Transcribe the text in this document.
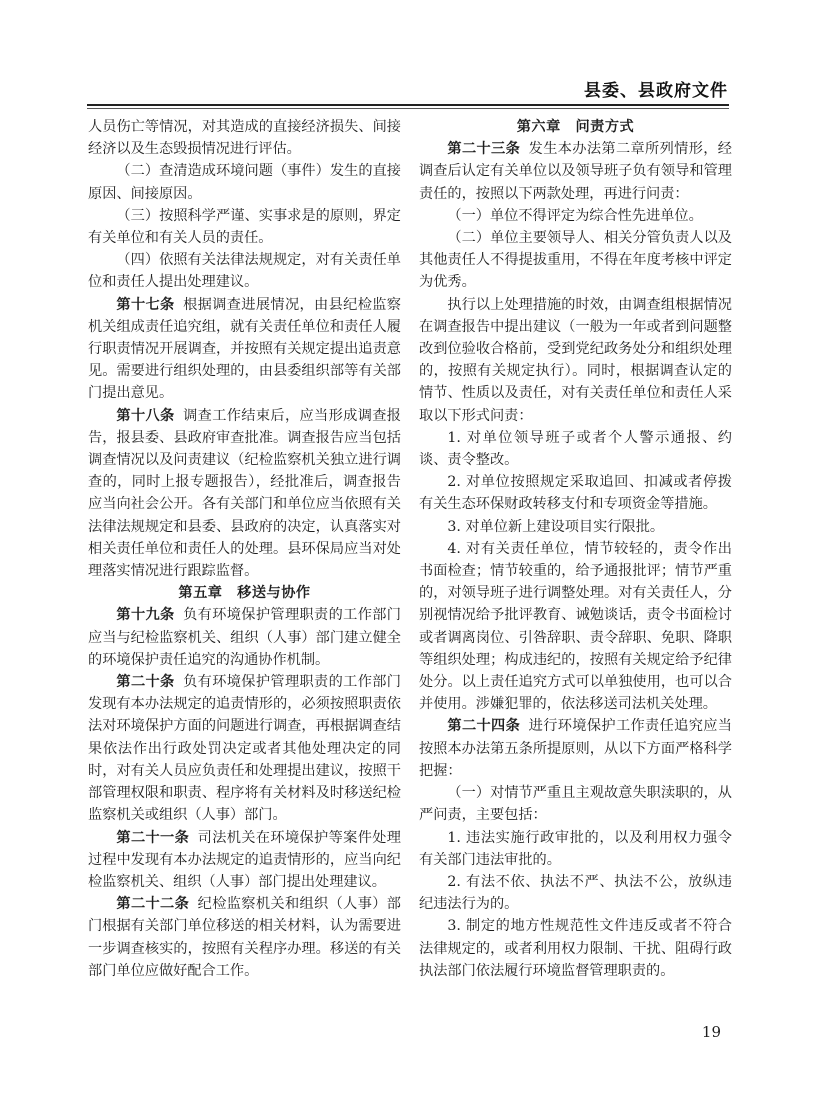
县委、县政府文件

人员伤亡等情况，对其造成的直接经济损失、间接经济以及生态毁损情况进行评估。

（二）查清造成环境问题（事件）发生的直接原因、间接原因。

（三）按照科学严谨、实事求是的原则，界定有关单位和有关人员的责任。

（四）依照有关法律法规规定，对有关责任单位和责任人提出处理建议。

第十七条 根据调查进展情况，由县纪检监察机关组成责任追究组，就有关责任单位和责任人履行职责情况开展调查，并按照有关规定提出追责意见。需要进行组织处理的，由县委组织部等有关部门提出意见。

第十八条 调查工作结束后，应当形成调查报告，报县委、县政府审查批准。调查报告应当包括调查情况以及问责建议（纪检监察机关独立进行调查的，同时上报专题报告），经批准后，调查报告应当向社会公开。各有关部门和单位应当依照有关法律法规规定和县委、县政府的决定，认真落实对相关责任单位和责任人的处理。县环保局应当对处理落实情况进行跟踪监督。

第五章　移送与协作

第十九条 负有环境保护管理职责的工作部门应当与纪检监察机关、组织（人事）部门建立健全的环境保护责任追究的沟通协作机制。

第二十条 负有环境保护管理职责的工作部门发现有本办法规定的追责情形的，必须按照职责依法对环境保护方面的问题进行调查，再根据调查结果依法作出行政处罚决定或者其他处理决定的同时，对有关人员应负责任和处理提出建议，按照干部管理权限和职责、程序将有关材料及时移送纪检监察机关或组织（人事）部门。

第二十一条 司法机关在环境保护等案件处理过程中发现有本办法规定的追责情形的，应当向纪检监察机关、组织（人事）部门提出处理建议。

第二十二条 纪检监察机关和组织（人事）部门根据有关部门单位移送的相关材料，认为需要进一步调查核实的，按照有关程序办理。移送的有关部门单位应做好配合工作。

第六章　问责方式

第二十三条 发生本办法第二章所列情形，经调查后认定有关单位以及领导班子负有领导和管理责任的，按照以下两款处理，再进行问责：

（一）单位不得评定为综合性先进单位。

（二）单位主要领导人、相关分管负责人以及其他责任人不得提拔重用，不得在年度考核中评定为优秀。

执行以上处理措施的时效，由调查组根据情况在调查报告中提出建议（一般为一年或者到问题整改到位验收合格前，受到党纪政务处分和组织处理的，按照有关规定执行）。同时，根据调查认定的情节、性质以及责任，对有关责任单位和责任人采取以下形式问责：

1. 对单位领导班子或者个人警示通报、约谈、责令整改。

2. 对单位按照规定采取追回、扣减或者停拨有关生态环保财政转移支付和专项资金等措施。

3. 对单位新上建设项目实行限批。

4. 对有关责任单位，情节较轻的，责令作出书面检查；情节较重的，给予通报批评；情节严重的，对领导班子进行调整处理。对有关责任人，分别视情况给予批评教育、诫勉谈话，责令书面检讨或者调离岗位、引咎辞职、责令辞职、免职、降职等组织处理；构成违纪的，按照有关规定给予纪律处分。以上责任追究方式可以单独使用，也可以合并使用。涉嫌犯罪的，依法移送司法机关处理。

第二十四条 进行环境保护工作责任追究应当按照本办法第五条所提原则，从以下方面严格科学把握：

（一）对情节严重且主观故意失职渎职的，从严问责，主要包括：

1. 违法实施行政审批的，以及利用权力强令有关部门违法审批的。

2. 有法不依、执法不严、执法不公，放纵违纪违法行为的。

3. 制定的地方性规范性文件违反或者不符合法律规定的，或者利用权力限制、干扰、阻碍行政执法部门依法履行环境监督管理职责的。

19
